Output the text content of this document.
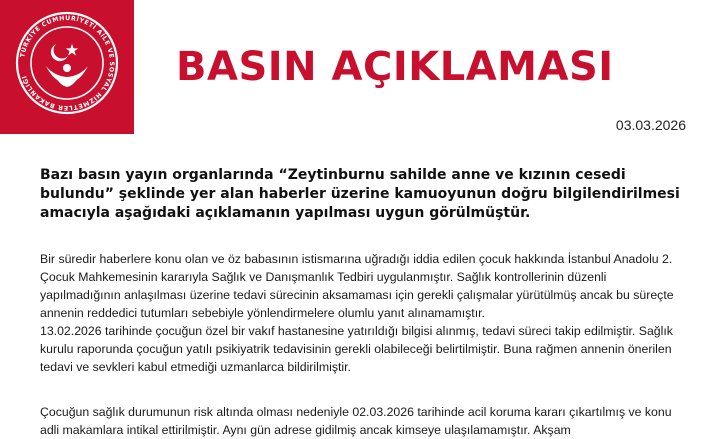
TÜRKİYE CUMHURİYETİ AİLE VE SOSYAL HİZMETLER BAKANLIĞI	BASIN AÇIKLAMASI
03.03.2026

Bazı basın yayın organlarında “Zeytinburnu sahilde anne ve kızının cesedi bulundu” şeklinde yer alan haberler üzerine kamuoyunun doğru bilgilendirilmesi amacıyla aşağıdaki açıklamanın yapılması uygun görülmüştür.

Bir süredir haberlere konu olan ve öz babasının istismarına uğradığı iddia edilen çocuk hakkında İstanbul Anadolu 2. Çocuk Mahkemesinin kararıyla Sağlık ve Danışmanlık Tedbiri uygulanmıştır. Sağlık kontrollerinin düzenli yapılmadığının anlaşılması üzerine tedavi sürecinin aksamaması için gerekli çalışmalar yürütülmüş ancak bu süreçte annenin reddedici tutumları sebebiyle yönlendirmelere olumlu yanıt alınamamıştır.

13.02.2026 tarihinde çocuğun özel bir vakıf hastanesine yatırıldığı bilgisi alınmış, tedavi süreci takip edilmiştir. Sağlık kurulu raporunda çocuğun yatılı psikiyatrik tedavisinin gerekli olabileceği belirtilmiştir. Buna rağmen annenin önerilen tedavi ve sevkleri kabul etmediği uzmanlarca bildirilmiştir.

Çocuğun sağlık durumunun risk altında olması nedeniyle 02.03.2026 tarihinde acil koruma kararı çıkartılmış ve konu adli makamlara intikal ettirilmiştir. Aynı gün adrese gidilmiş ancak kimseye ulaşılamamıştır. Akşam
